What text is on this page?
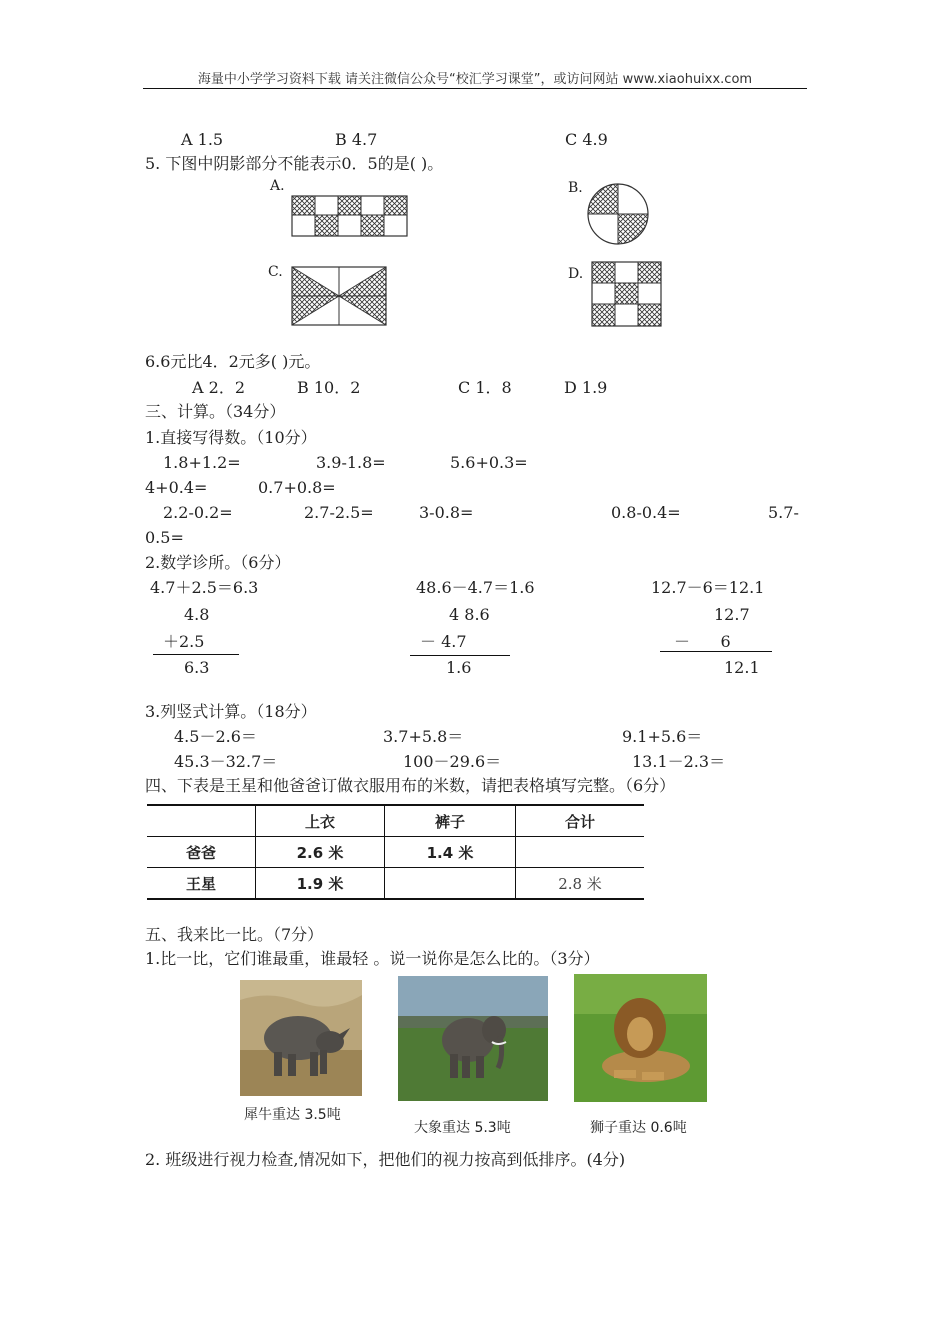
海量中小学学习资料下载 请关注微信公众号“校汇学习课堂”，或访问网站 www.xiaohuixx.com
A 1.5	B 4.7	C 4.9
5. 下图中阴影部分不能表示0．5的是( )。
A.	B.
C.	D.
6.6元比4．2元多( )元。
A 2．2	B 10．2	C 1．8	D 1.9
三、计算。（34分）
1.直接写得数。（10分）
1.8+1.2=	3.9-1.8=	5.6+0.3=
4+0.4=	0.7+0.8=
2.2-0.2=	2.7-2.5=	3-0.8=	0.8-0.4=	5.7-
0.5=
2.数学诊所。（6分）
4.7＋2.5＝6.3
4.8
＋2.5
6.3
48.6－4.7＝1.6
4 8.6
－ 4.7
1.6
12.7－6＝12.1
12.7
－      6
12.1
3.列竖式计算。（18分）
4.5－2.6＝	3.7+5.8＝	9.1+5.6＝
45.3－32.7＝	100－29.6＝	13.1－2.3＝
四、下表是王星和他爸爸订做衣服用布的米数，请把表格填写完整。（6分）
	上衣	裤子	合计
爸爸	2.6 米	1.4 米	
王星	1.9 米		2.8 米
五、我来比一比。（7分）
1.比一比，它们谁最重，谁最轻 。说一说你是怎么比的。（3分）
犀牛重达 3.5吨
大象重达 5.3吨	狮子重达 0.6吨
2. 班级进行视力检查,情况如下，把他们的视力按高到低排序。(4分)
